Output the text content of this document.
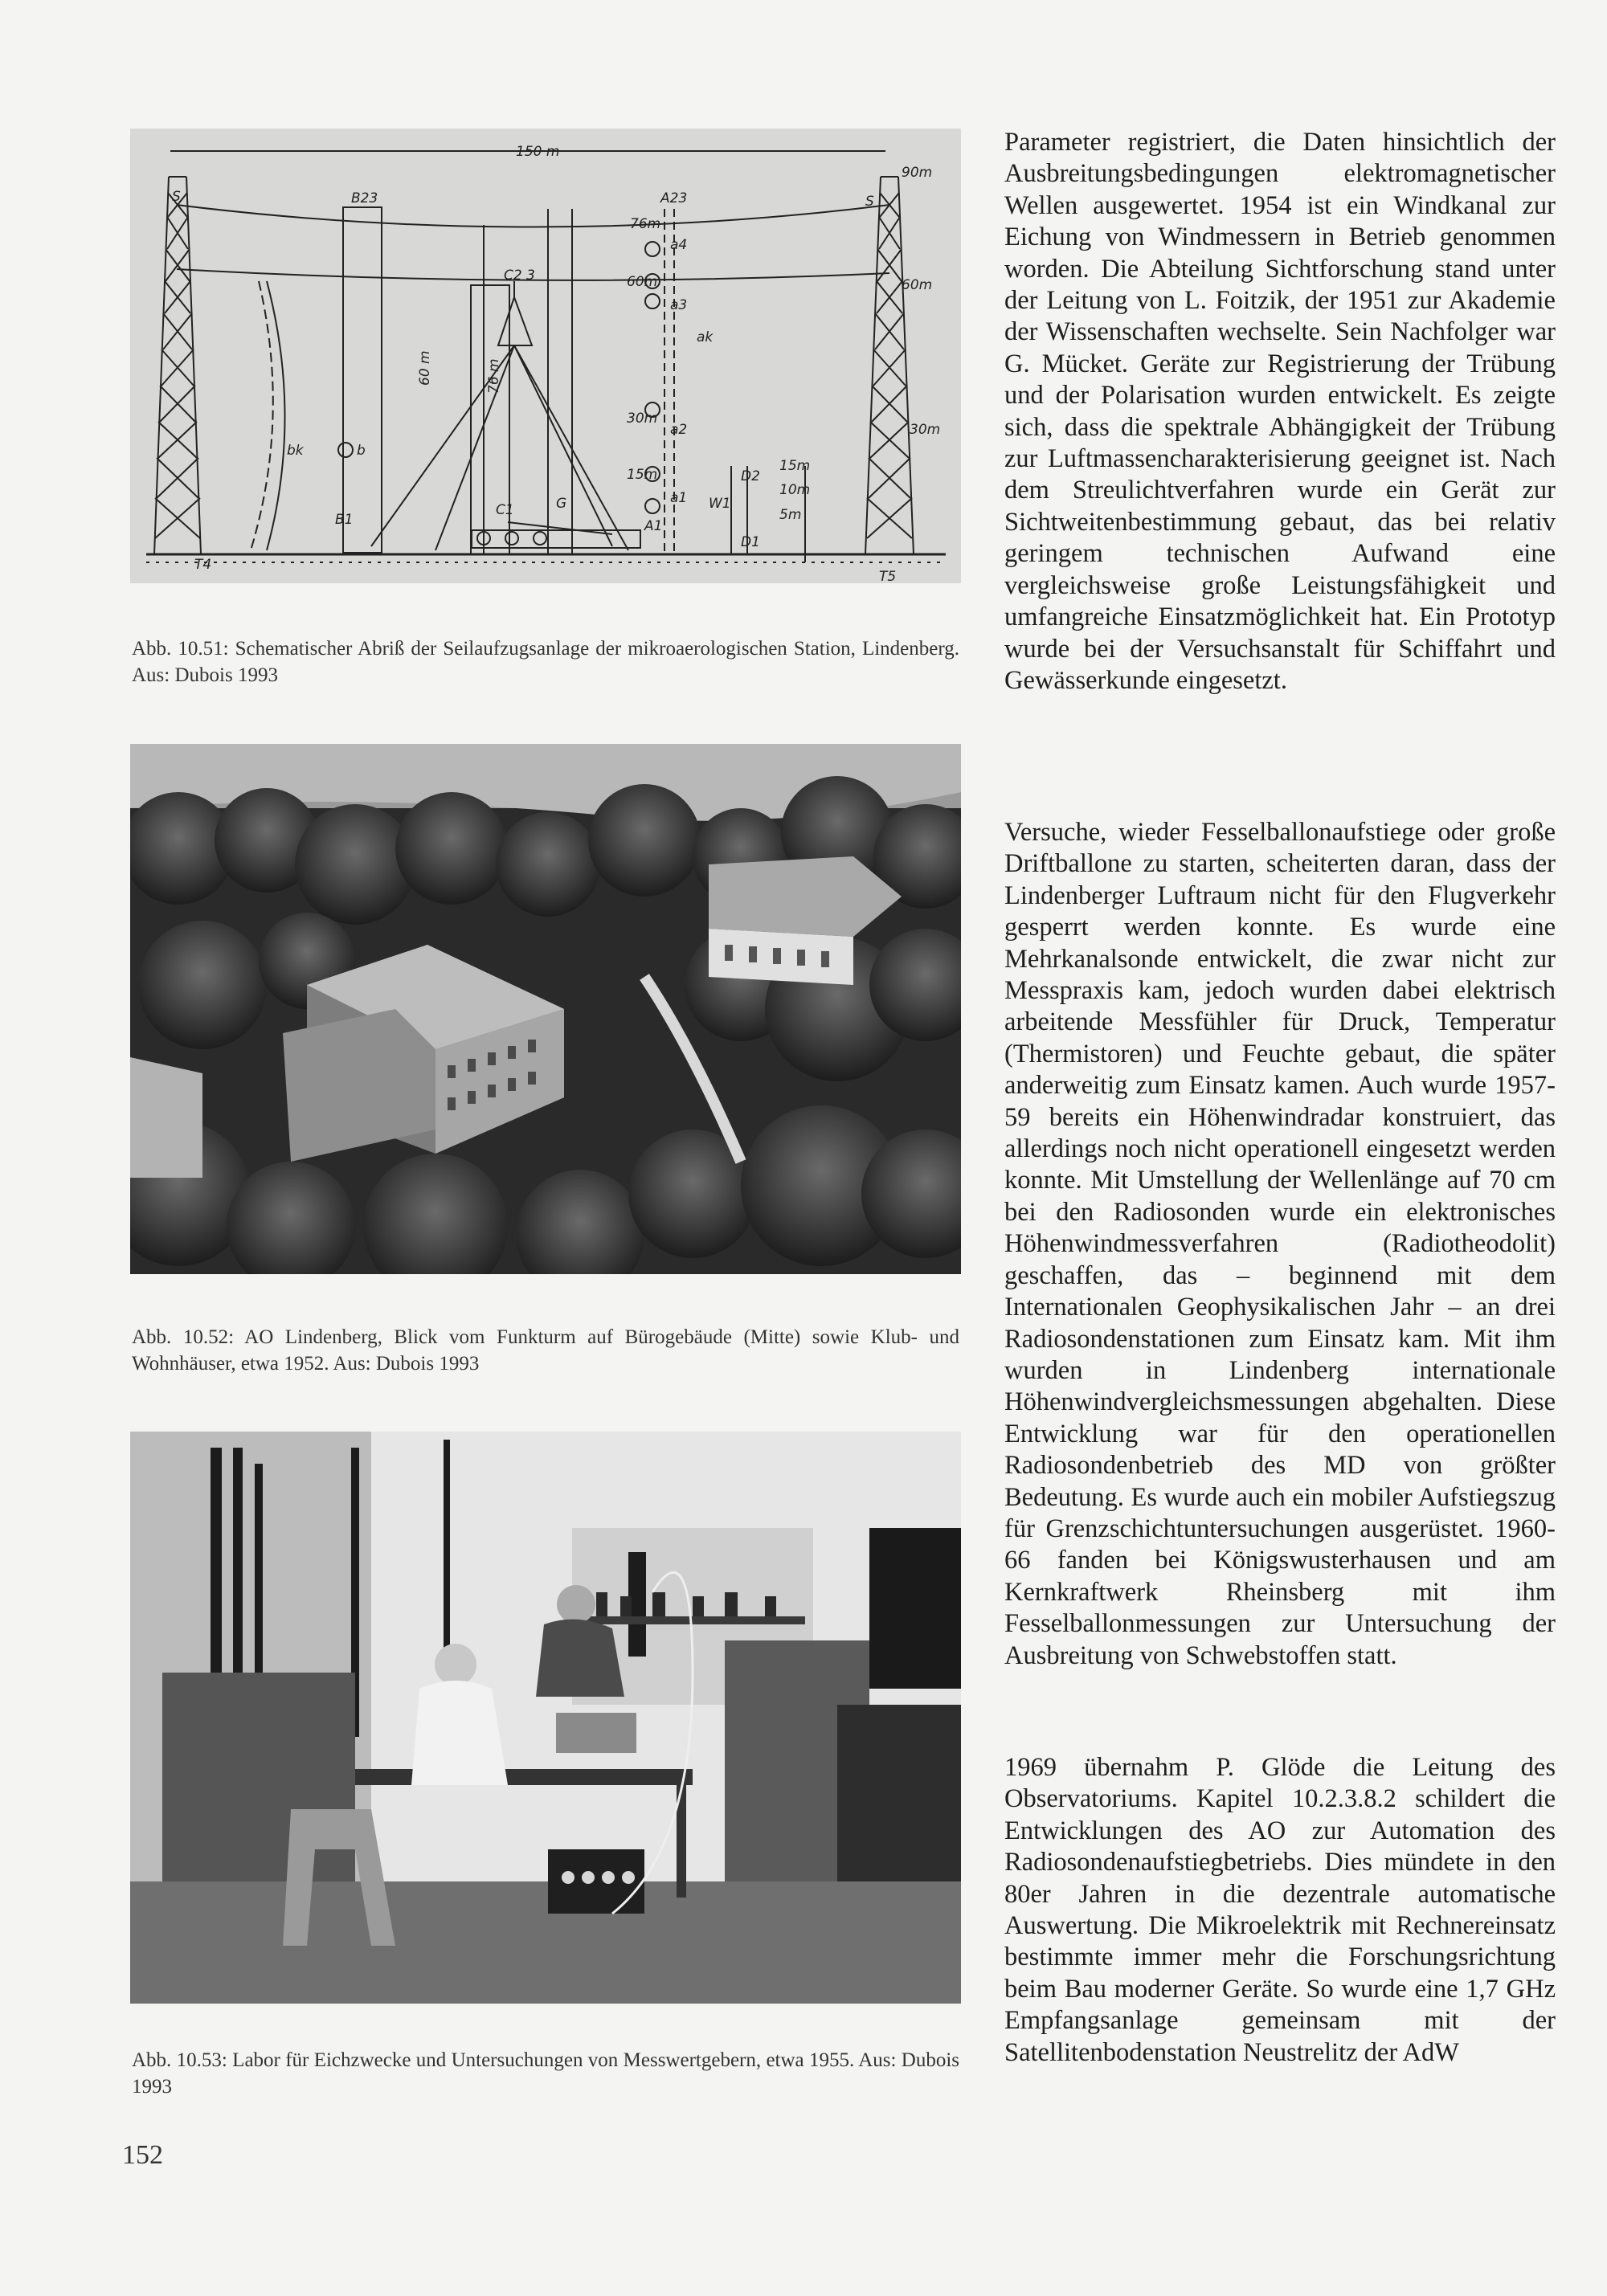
150 m
90m
60m
30m
S	S
T4
T5
B23	A23
C2 3
76m
60m
30m
15m
a4
a3
a2
a1
ak
bk	b
B1	A1
C1	G
60 m	76 m
D2
D1
W1
15m
10m
5m
Abb. 10.51: Schematischer Abriß der Seilaufzugsanlage der mikroaerologischen Station, Lindenberg. Aus: Dubois 1993
Abb. 10.52: AO Lindenberg, Blick vom Funkturm auf Bürogebäude (Mitte) sowie Klub- und Wohnhäuser, etwa 1952. Aus: Dubois 1993
Abb. 10.53: Labor für Eichzwecke und Untersuchungen von Messwertgebern, etwa 1955. Aus: Dubois 1993

Parameter registriert, die Daten hinsichtlich der Ausbreitungsbedingungen elektromagnetischer Wellen ausgewertet. 1954 ist ein Windkanal zur Eichung von Windmessern in Betrieb genommen worden. Die Abteilung Sichtforschung stand unter der Leitung von L. Foitzik, der 1951 zur Akademie der Wissenschaften wechselte. Sein Nachfolger war G. Mücket. Geräte zur Registrierung der Trübung und der Polarisation wurden entwickelt. Es zeigte sich, dass die spektrale Abhängigkeit der Trübung zur Luftmassencharakterisierung geeignet ist. Nach dem Streulichtverfahren wurde ein Gerät zur Sichtweitenbestimmung gebaut, das bei relativ geringem technischen Aufwand eine vergleichsweise große Leistungsfähigkeit und umfangreiche Einsatzmöglichkeit hat. Ein Prototyp wurde bei der Versuchsanstalt für Schiffahrt und Gewässerkunde eingesetzt.

Versuche, wieder Fesselballonaufstiege oder große Driftballone zu starten, scheiterten daran, dass der Lindenberger Luftraum nicht für den Flugverkehr gesperrt werden konnte. Es wurde eine Mehrkanalsonde entwickelt, die zwar nicht zur Messpraxis kam, jedoch wurden dabei elektrisch arbeitende Messfühler für Druck, Temperatur (Thermistoren) und Feuchte gebaut, die später anderweitig zum Einsatz kamen. Auch wurde 1957-59 bereits ein Höhenwindradar konstruiert, das allerdings noch nicht operationell eingesetzt werden konnte. Mit Umstellung der Wellenlänge auf 70 cm bei den Radiosonden wurde ein elektronisches Höhenwindmessverfahren (Radiotheodolit) geschaffen, das – beginnend mit dem Internationalen Geophysikalischen Jahr – an drei Radiosondenstationen zum Einsatz kam. Mit ihm wurden in Lindenberg internationale Höhenwindvergleichsmessungen abgehalten. Diese Entwicklung war für den operationellen Radiosondenbetrieb des MD von größter Bedeutung. Es wurde auch ein mobiler Aufstiegszug für Grenzschichtuntersuchungen ausgerüstet. 1960-66 fanden bei Königswusterhausen und am Kernkraftwerk Rheinsberg mit ihm Fesselballonmessungen zur Untersuchung der Ausbreitung von Schwebstoffen statt.

1969 übernahm P. Glöde die Leitung des Observatoriums. Kapitel 10.2.3.8.2 schildert die Entwicklungen des AO zur Automation des Radiosondenaufstiegbetriebs. Dies mündete in den 80er Jahren in die dezentrale automatische Auswertung. Die Mikroelektrik mit Rechnereinsatz bestimmte immer mehr die Forschungsrichtung beim Bau moderner Geräte. So wurde eine 1,7 GHz Empfangsanlage gemeinsam mit der Satellitenbodenstation Neustrelitz der AdW

152
